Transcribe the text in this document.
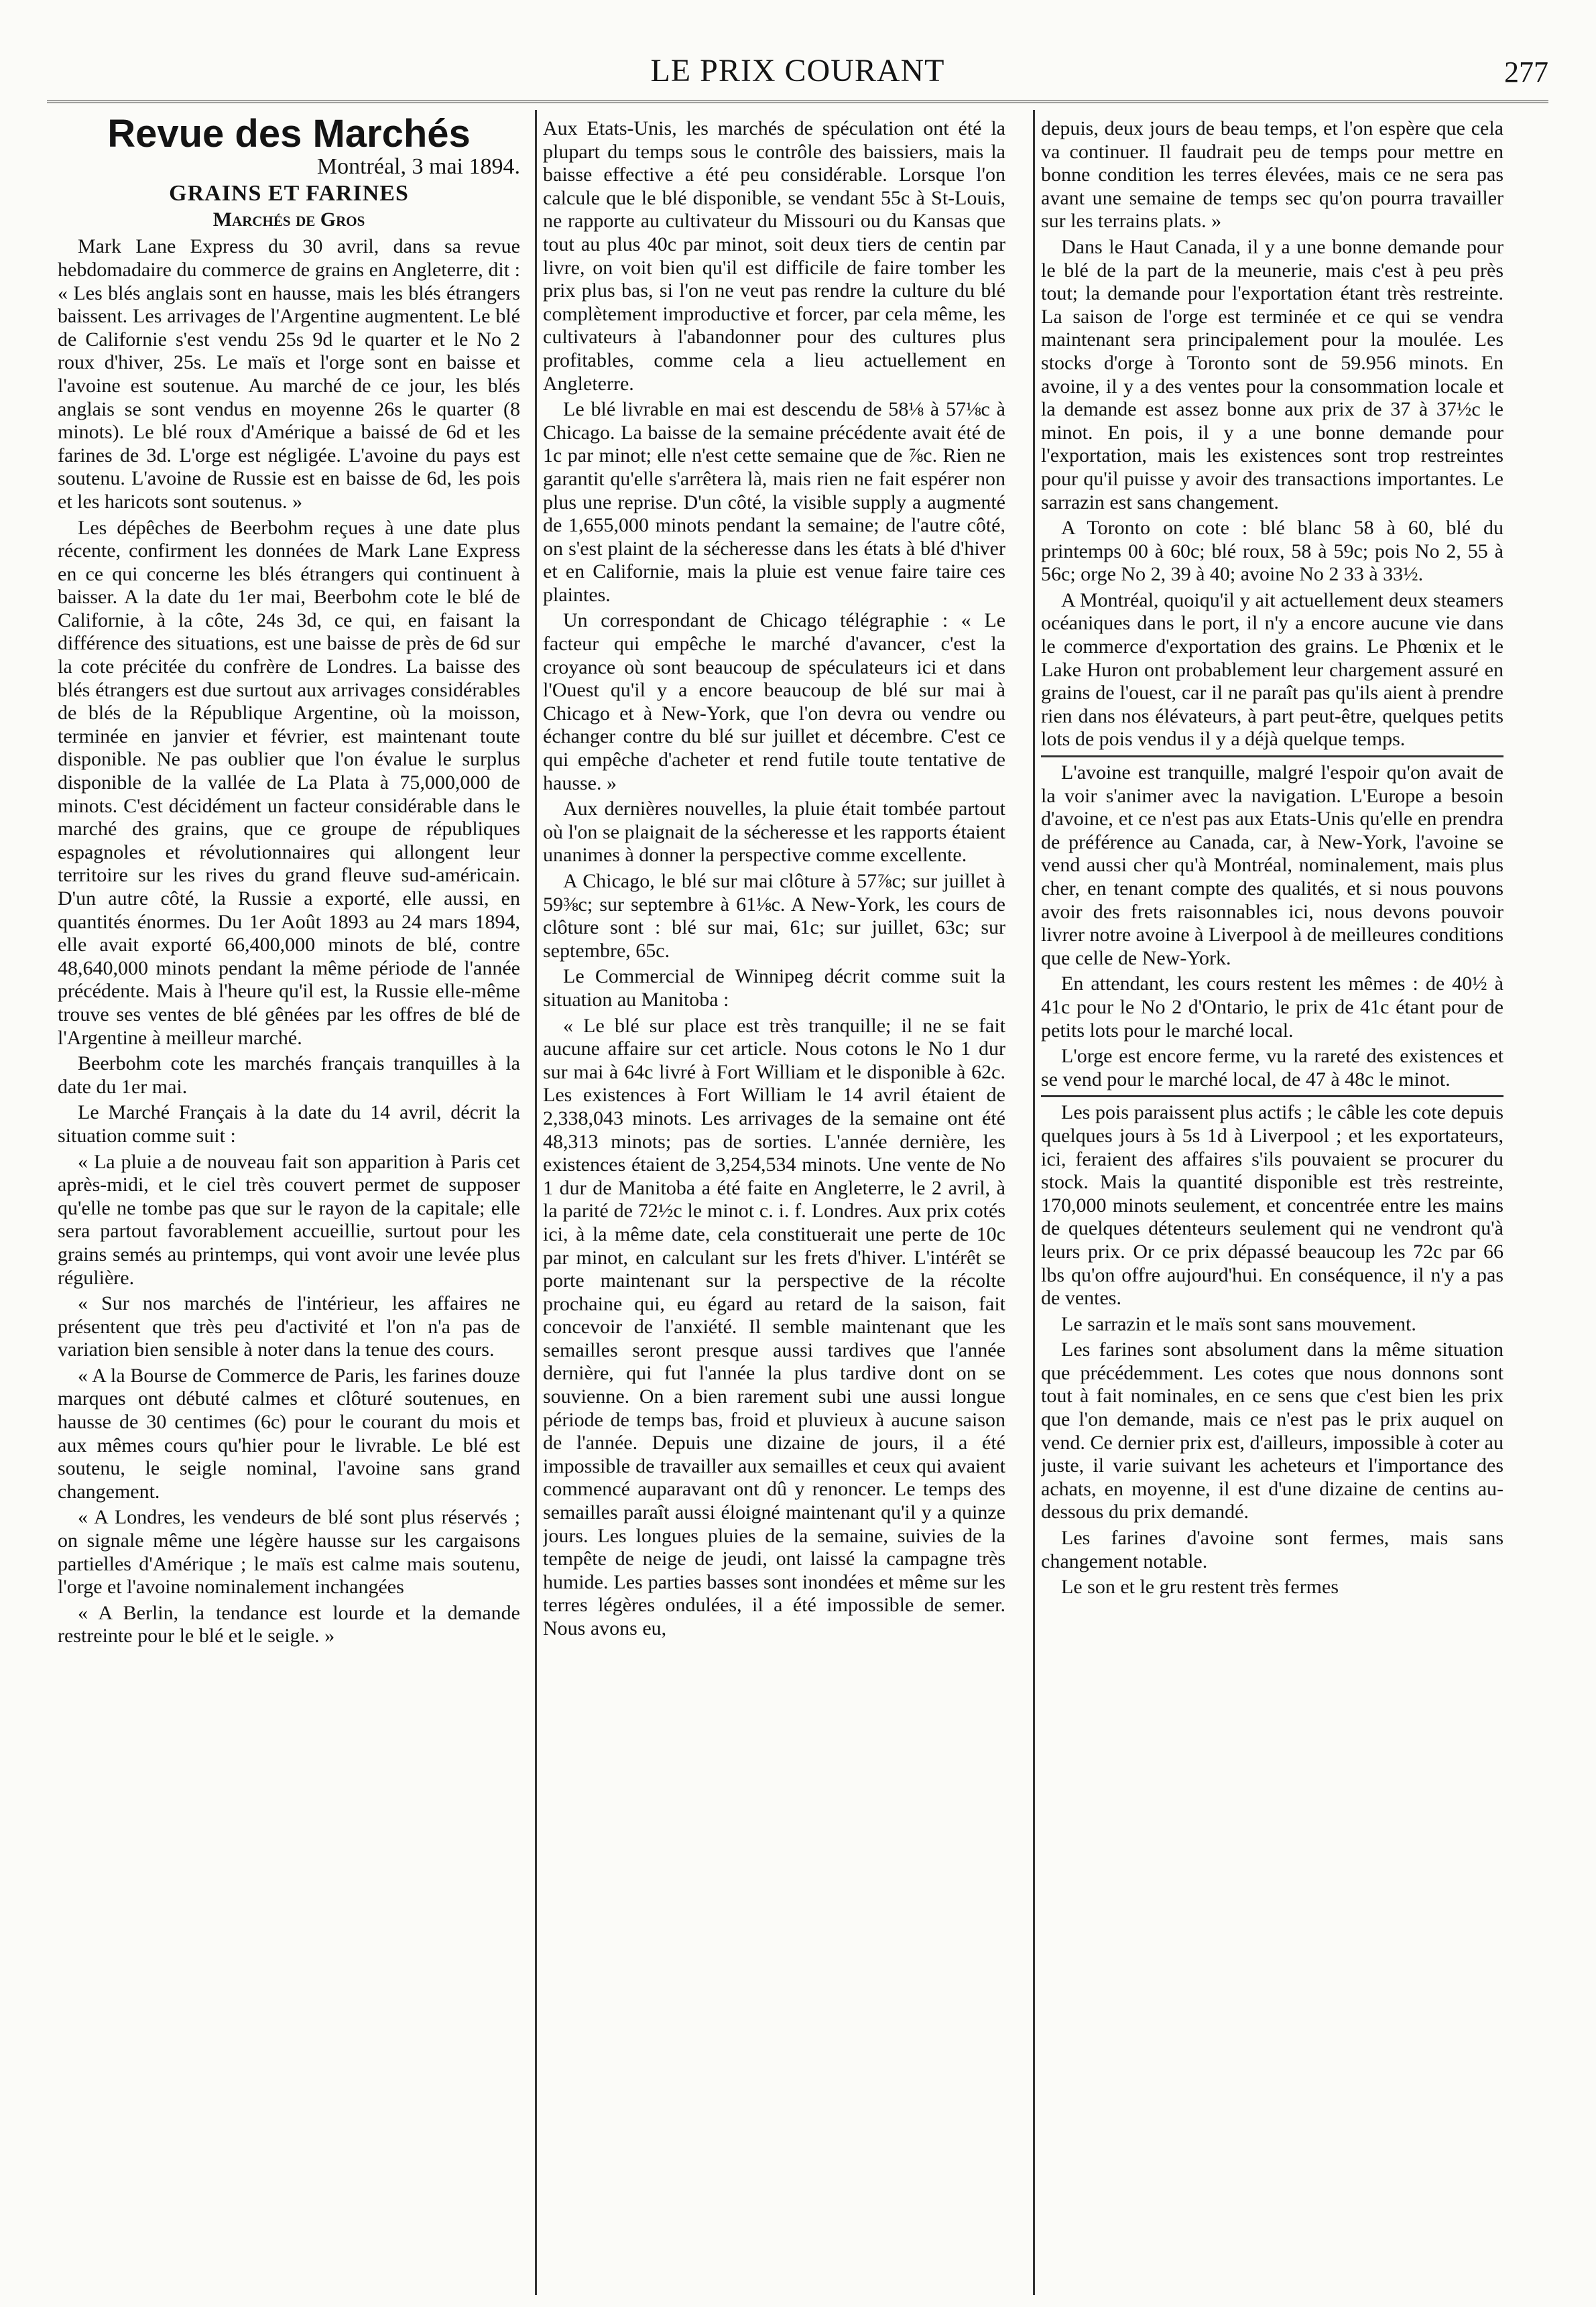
LE PRIX COURANT	277
Revue des Marchés
Montréal, 3 mai 1894.
GRAINS ET FARINES
Marchés de Gros

Mark Lane Express du 30 avril, dans sa revue hebdomadaire du commerce de grains en Angleterre, dit : « Les blés anglais sont en hausse, mais les blés étrangers baissent. Les arrivages de l'Argentine augmentent. Le blé de Californie s'est vendu 25s 9d le quarter et le No 2 roux d'hiver, 25s. Le maïs et l'orge sont en baisse et l'avoine est soutenue. Au marché de ce jour, les blés anglais se sont vendus en moyenne 26s le quarter (8 minots). Le blé roux d'Amérique a baissé de 6d et les farines de 3d. L'orge est négligée. L'avoine du pays est soutenu. L'avoine de Russie est en baisse de 6d, les pois et les haricots sont soutenus. »

Les dépêches de Beerbohm reçues à une date plus récente, confirment les données de Mark Lane Express en ce qui concerne les blés étrangers qui continuent à baisser. A la date du 1er mai, Beerbohm cote le blé de Californie, à la côte, 24s 3d, ce qui, en faisant la différence des situations, est une baisse de près de 6d sur la cote précitée du confrère de Londres. La baisse des blés étrangers est due surtout aux arrivages considérables de blés de la République Argentine, où la moisson, terminée en janvier et février, est maintenant toute disponible. Ne pas oublier que l'on évalue le surplus disponible de la vallée de La Plata à 75,000,000 de minots. C'est décidément un facteur considérable dans le marché des grains, que ce groupe de républiques espagnoles et révolutionnaires qui allongent leur territoire sur les rives du grand fleuve sud-américain. D'un autre côté, la Russie a exporté, elle aussi, en quantités énormes. Du 1er Août 1893 au 24 mars 1894, elle avait exporté 66,400,000 minots de blé, contre 48,640,000 minots pendant la même période de l'année précédente. Mais à l'heure qu'il est, la Russie elle-même trouve ses ventes de blé gênées par les offres de blé de l'Argentine à meilleur marché.

Beerbohm cote les marchés français tranquilles à la date du 1er mai.

Le Marché Français à la date du 14 avril, décrit la situation comme suit :

« La pluie a de nouveau fait son apparition à Paris cet après-midi, et le ciel très couvert permet de supposer qu'elle ne tombe pas que sur le rayon de la capitale; elle sera partout favorablement accueillie, surtout pour les grains semés au printemps, qui vont avoir une levée plus régulière.

« Sur nos marchés de l'intérieur, les affaires ne présentent que très peu d'activité et l'on n'a pas de variation bien sensible à noter dans la tenue des cours.

« A la Bourse de Commerce de Paris, les farines douze marques ont débuté calmes et clôturé soutenues, en hausse de 30 centimes (6c) pour le courant du mois et aux mêmes cours qu'hier pour le livrable. Le blé est soutenu, le seigle nominal, l'avoine sans grand changement.

« A Londres, les vendeurs de blé sont plus réservés ; on signale même une légère hausse sur les cargaisons partielles d'Amérique ; le maïs est calme mais soutenu, l'orge et l'avoine nominalement inchangées

« A Berlin, la tendance est lourde et la demande restreinte pour le blé et le seigle. »

Aux Etats-Unis, les marchés de spéculation ont été la plupart du temps sous le contrôle des baissiers, mais la baisse effective a été peu considérable. Lorsque l'on calcule que le blé disponible, se vendant 55c à St-Louis, ne rapporte au cultivateur du Missouri ou du Kansas que tout au plus 40c par minot, soit deux tiers de centin par livre, on voit bien qu'il est difficile de faire tomber les prix plus bas, si l'on ne veut pas rendre la culture du blé complètement improductive et forcer, par cela même, les cultivateurs à l'abandonner pour des cultures plus profitables, comme cela a lieu actuellement en Angleterre.

Le blé livrable en mai est descendu de 58⅛ à 57⅛c à Chicago. La baisse de la semaine précédente avait été de 1c par minot; elle n'est cette semaine que de ⅞c. Rien ne garantit qu'elle s'arrêtera là, mais rien ne fait espérer non plus une reprise. D'un côté, la visible supply a augmenté de 1,655,000 minots pendant la semaine; de l'autre côté, on s'est plaint de la sécheresse dans les états à blé d'hiver et en Californie, mais la pluie est venue faire taire ces plaintes.

Un correspondant de Chicago télégraphie : « Le facteur qui empêche le marché d'avancer, c'est la croyance où sont beaucoup de spéculateurs ici et dans l'Ouest qu'il y a encore beaucoup de blé sur mai à Chicago et à New-York, que l'on devra ou vendre ou échanger contre du blé sur juillet et décembre. C'est ce qui empêche d'acheter et rend futile toute tentative de hausse. »

Aux dernières nouvelles, la pluie était tombée partout où l'on se plaignait de la sécheresse et les rapports étaient unanimes à donner la perspective comme excellente.

A Chicago, le blé sur mai clôture à 57⅞c; sur juillet à 59⅜c; sur septembre à 61⅛c. A New-York, les cours de clôture sont : blé sur mai, 61c; sur juillet, 63c; sur septembre, 65c.

Le Commercial de Winnipeg décrit comme suit la situation au Manitoba :

« Le blé sur place est très tranquille; il ne se fait aucune affaire sur cet article. Nous cotons le No 1 dur sur mai à 64c livré à Fort William et le disponible à 62c. Les existences à Fort William le 14 avril étaient de 2,338,043 minots. Les arrivages de la semaine ont été 48,313 minots; pas de sorties. L'année dernière, les existences étaient de 3,254,534 minots. Une vente de No 1 dur de Manitoba a été faite en Angleterre, le 2 avril, à la parité de 72½c le minot c. i. f. Londres. Aux prix cotés ici, à la même date, cela constituerait une perte de 10c par minot, en calculant sur les frets d'hiver. L'intérêt se porte maintenant sur la perspective de la récolte prochaine qui, eu égard au retard de la saison, fait concevoir de l'anxiété. Il semble maintenant que les semailles seront presque aussi tardives que l'année dernière, qui fut l'année la plus tardive dont on se souvienne. On a bien rarement subi une aussi longue période de temps bas, froid et pluvieux à aucune saison de l'année. Depuis une dizaine de jours, il a été impossible de travailler aux semailles et ceux qui avaient commencé auparavant ont dû y renoncer. Le temps des semailles paraît aussi éloigné maintenant qu'il y a quinze jours. Les longues pluies de la semaine, suivies de la tempête de neige de jeudi, ont laissé la campagne très humide. Les parties basses sont inondées et même sur les terres légères ondulées, il a été impossible de semer. Nous avons eu,

depuis, deux jours de beau temps, et l'on espère que cela va continuer. Il faudrait peu de temps pour mettre en bonne condition les terres élevées, mais ce ne sera pas avant une semaine de temps sec qu'on pourra travailler sur les terrains plats. »

Dans le Haut Canada, il y a une bonne demande pour le blé de la part de la meunerie, mais c'est à peu près tout; la demande pour l'exportation étant très restreinte. La saison de l'orge est terminée et ce qui se vendra maintenant sera principalement pour la moulée. Les stocks d'orge à Toronto sont de 59.956 minots. En avoine, il y a des ventes pour la consommation locale et la demande est assez bonne aux prix de 37 à 37½c le minot. En pois, il y a une bonne demande pour l'exportation, mais les existences sont trop restreintes pour qu'il puisse y avoir des transactions importantes. Le sarrazin est sans changement.

A Toronto on cote : blé blanc 58 à 60, blé du printemps 00 à 60c; blé roux, 58 à 59c; pois No 2, 55 à 56c; orge No 2, 39 à 40; avoine No 2 33 à 33½.

A Montréal, quoiqu'il y ait actuellement deux steamers océaniques dans le port, il n'y a encore aucune vie dans le commerce d'exportation des grains. Le Phœnix et le Lake Huron ont probablement leur chargement assuré en grains de l'ouest, car il ne paraît pas qu'ils aient à prendre rien dans nos élévateurs, à part peut-être, quelques petits lots de pois vendus il y a déjà quelque temps.

L'avoine est tranquille, malgré l'espoir qu'on avait de la voir s'animer avec la navigation. L'Europe a besoin d'avoine, et ce n'est pas aux Etats-Unis qu'elle en prendra de préférence au Canada, car, à New-York, l'avoine se vend aussi cher qu'à Montréal, nominalement, mais plus cher, en tenant compte des qualités, et si nous pouvons avoir des frets raisonnables ici, nous devons pouvoir livrer notre avoine à Liverpool à de meilleures conditions que celle de New-York.

En attendant, les cours restent les mêmes : de 40½ à 41c pour le No 2 d'Ontario, le prix de 41c étant pour de petits lots pour le marché local.

L'orge est encore ferme, vu la rareté des existences et se vend pour le marché local, de 47 à 48c le minot.

Les pois paraissent plus actifs ; le câble les cote depuis quelques jours à 5s 1d à Liverpool ; et les exportateurs, ici, feraient des affaires s'ils pouvaient se procurer du stock. Mais la quantité disponible est très restreinte, 170,000 minots seulement, et concentrée entre les mains de quelques détenteurs seulement qui ne vendront qu'à leurs prix. Or ce prix dépassé beaucoup les 72c par 66 lbs qu'on offre aujourd'hui. En conséquence, il n'y a pas de ventes.

Le sarrazin et le maïs sont sans mouvement.

Les farines sont absolument dans la même situation que précédemment. Les cotes que nous donnons sont tout à fait nominales, en ce sens que c'est bien les prix que l'on demande, mais ce n'est pas le prix auquel on vend. Ce dernier prix est, d'ailleurs, impossible à coter au juste, il varie suivant les acheteurs et l'importance des achats, en moyenne, il est d'une dizaine de centins au-dessous du prix demandé.

Les farines d'avoine sont fermes, mais sans changement notable.

Le son et le gru restent très fermes
